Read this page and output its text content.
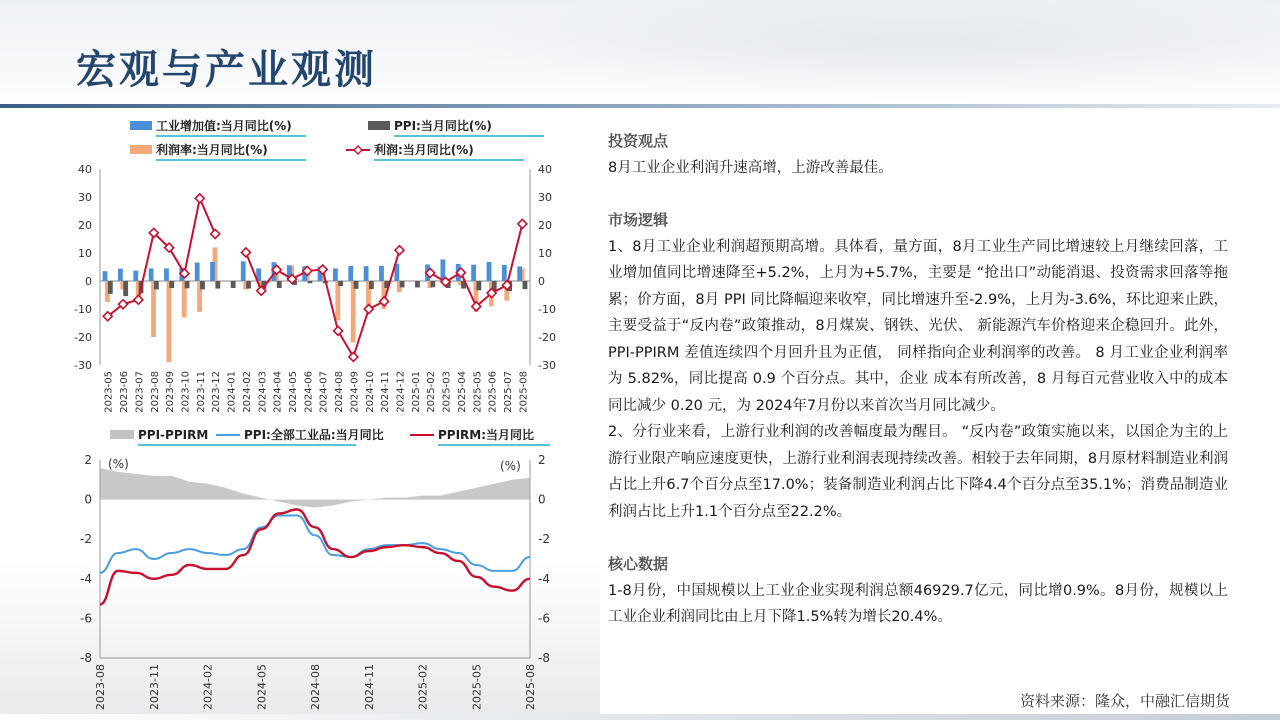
宏观与产业观测
-30	-30
-20	-20
-10	-10
0	0
10	10
20	20
30	30
40	40
2023-05 2023-06 2023-07 2023-08 2023-09 2023-10 2023-11 2023-12 2024-01 2024-02 2024-03 2024-04 2024-05 2024-06 2024-07 2024-08 2024-09 2024-10 2024-11 2024-12 2025-01 2025-02 2025-03 2025-04 2025-05 2025-06 2025-07 2025-08
工业增加值:当月同比(%)	PPI:当月同比(%)
利润率:当月同比(%)	利润:当月同比(%)
-8	-8
-6	-6
-4	-4
-2	-2
0	0
2	2
(%)	(%)
2023-08	2023-11	2024-02	2024-05	2024-08	2024-11	2025-02	2025-05	2025-08
PPI-PPIRM	PPI:全部工业品:当月同比	PPIRM:当月同比

投资观点

8月工业企业利润升速高增，上游改善最佳。

市场逻辑

1、8月工业企业利润超预期高增。具体看，量方面，8月工业生产同比增速较上月继续回落，工业增加值同比增速降至+5.2%，上月为+5.7%，主要是 “抢出口”动能消退、投资需求回落等拖累；价方面，8月 PPI 同比降幅迎来收窄，同比增速升至-2.9%，上月为-3.6%，环比迎来止跌，主要受益于“反内卷”政策推动，8月煤炭、钢铁、光伏、 新能源汽车价格迎来企稳回升。此外，PPI-PPIRM 差值连续四个月回升且为正值， 同样指向企业利润率的改善。 8 月工业企业利润率为 5.82%，同比提高 0.9 个百分点。其中，企业 成本有所改善，8 月每百元营业收入中的成本同比减少 0.20 元，为 2024年7月份以来首次当月同比减少。

2、分行业来看，上游行业利润的改善幅度最为醒目。 “反内卷”政策实施以来，以国企为主的上游行业限产响应速度更快，上游行业利润表现持续改善。相较于去年同期，8月原材料制造业利润占比上升6.7个百分点至17.0%；装备制造业利润占比下降4.4个百分点至35.1%；消费品制造业利润占比上升1.1个百分点至22.2%。

核心数据

1-8月份，中国规模以上工业企业实现利润总额46929.7亿元，同比增0.9%。8月份，规模以上工业企业利润同比由上月下降1.5%转为增长20.4%。

资料来源：隆众，中融汇信期货
